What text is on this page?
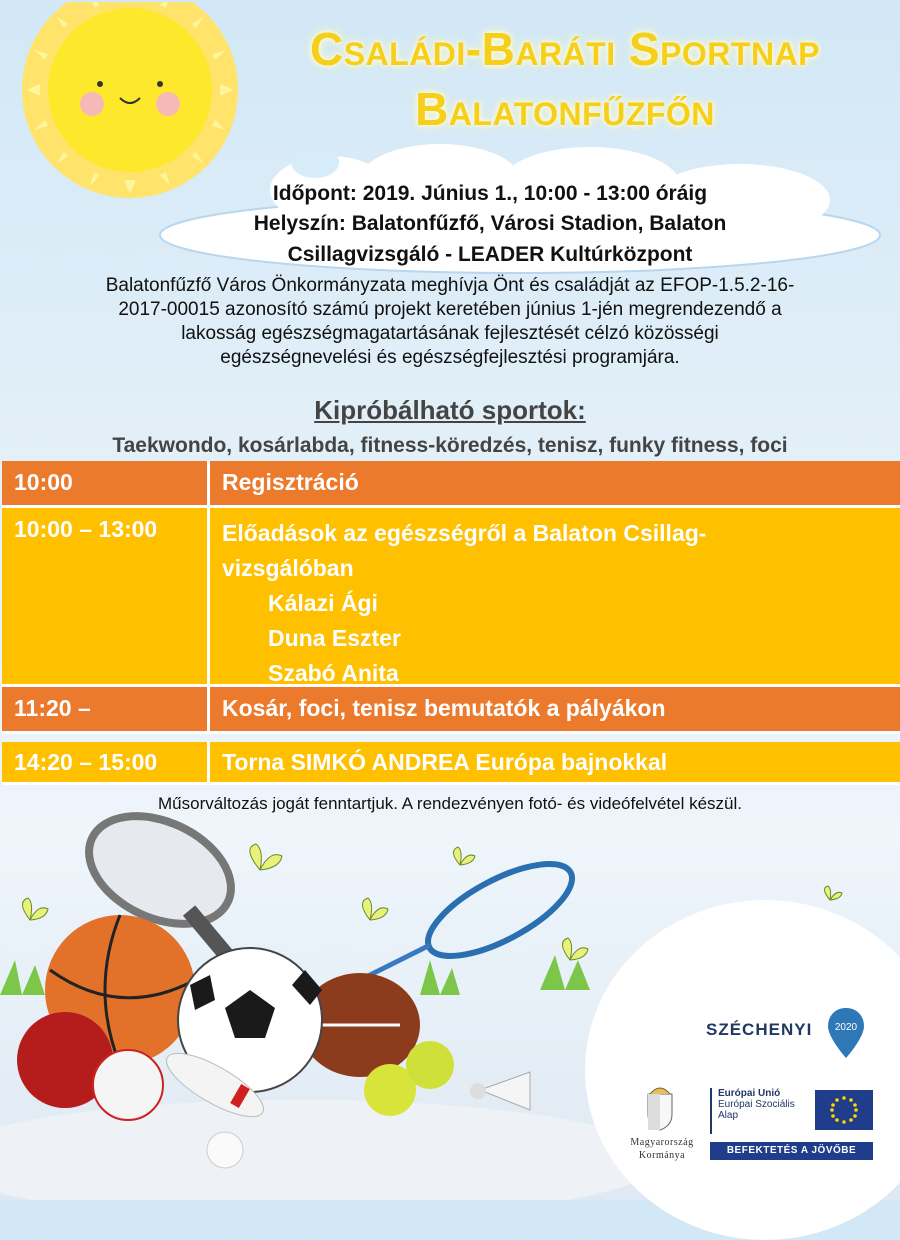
Családi-Baráti Sportnap
Balatonfűzfőn
Időpont: 2019. Június 1., 10:00 - 13:00 óráig
Helyszín: Balatonfűzfő, Városi Stadion, Balaton
Csillagvizsgáló - LEADER Kultúrközpont
Balatonfűzfő Város Önkormányzata meghívja Önt és családját az EFOP-1.5.2-16-
2017-00015 azonosító számú projekt keretében június 1-jén megrendezendő a
lakosság egészségmagatartásának fejlesztését célzó közösségi
egészségnevelési és egészségfejlesztési programjára.
Kipróbálható sportok:
Taekwondo, kosárlabda, fitness-köredzés, tenisz, funky fitness, foci
10:00	Regisztráció
10:00 – 13:00	Előadások az egészségről a Balaton Csillag-
vizsgálóban
Kálazi Ági
Duna Eszter
Szabó Anita
11:20 –	Kosár, foci, tenisz bemutatók a pályákon
14:20 – 15:00	Torna SIMKÓ ANDREA Európa bajnokkal
Műsorváltozás jogát fenntartjuk. A rendezvényen fotó- és videófelvétel készül.
SZÉCHENYI 2020
Magyarország
Kormánya
Európai Unió
Európai Szociális
Alap
BEFEKTETÉS A JÖVŐBE
